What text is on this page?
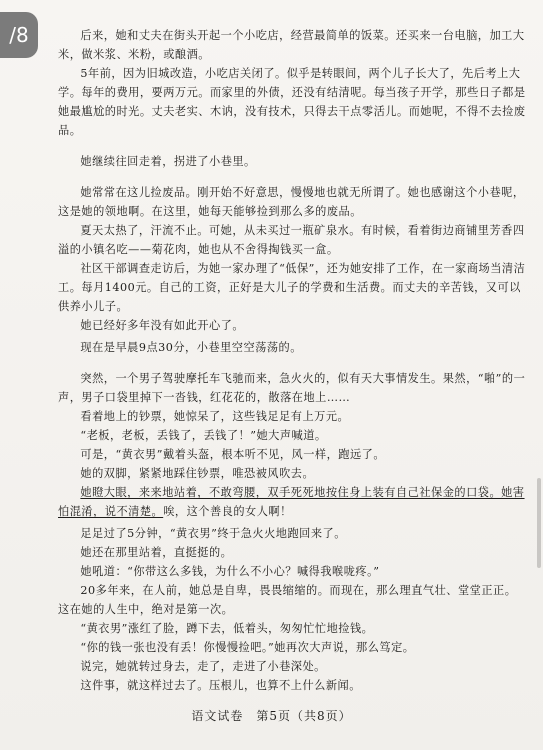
/8	后来，她和丈夫在街头开起一个小吃店，经营最简单的饭菜。还买来一台电脑，加工大米，做米浆、米粉，或酿酒。

5年前，因为旧城改造，小吃店关闭了。似乎是转眼间，两个儿子长大了，先后考上大学。每年的费用，要两万元。而家里的外债，还没有结清呢。每当孩子开学，那些日子都是她最尴尬的时光。丈夫老实、木讷，没有技术，只得去干点零活儿。而她呢，不得不去捡废品。

她继续往回走着，拐进了小巷里。

她常常在这儿捡废品。刚开始不好意思，慢慢地也就无所谓了。她也感谢这个小巷呢，这是她的领地啊。在这里，她每天能够捡到那么多的废品。

夏天太热了，汗流不止。可她，从未买过一瓶矿泉水。有时候，看着街边商铺里芳香四溢的小镇名吃——菊花肉，她也从不舍得掏钱买一盒。

社区干部调查走访后，为她一家办理了“低保”，还为她安排了工作，在一家商场当清洁工。每月1400元。自己的工资，正好是大儿子的学费和生活费。而丈夫的辛苦钱，又可以供养小儿子。

她已经好多年没有如此开心了。

现在是早晨9点30分，小巷里空空荡荡的。

突然，一个男子驾驶摩托车飞驰而来，急火火的，似有天大事情发生。果然，“啪”的一声，男子口袋里掉下一沓钱，红花花的，散落在地上……

看着地上的钞票，她惊呆了，这些钱足足有上万元。

“老板，老板，丢钱了，丢钱了！”她大声喊道。

可是，“黄衣男”戴着头盔，根本听不见，风一样，跑远了。

她的双脚，紧紧地踩住钞票，唯恐被风吹去。

她瞪大眼，来来地站着，不敢弯腰，双手死死地按住身上装有自己社保金的口袋。她害怕混淆，说不清楚。唉，这个善良的女人啊！

足足过了5分钟，“黄衣男”终于急火火地跑回来了。

她还在那里站着，直挺挺的。

她吼道：“你带这么多钱，为什么不小心？喊得我喉咙疼。”

20多年来，在人前，她总是自卑，畏畏缩缩的。而现在，那么理直气壮、堂堂正正。这在她的人生中，绝对是第一次。

“黄衣男”涨红了脸，蹲下去，低着头，匆匆忙忙地捡钱。

“你的钱一张也没有丢！你慢慢捡吧。”她再次大声说，那么笃定。

说完，她就转过身去，走了，走进了小巷深处。

这件事，就这样过去了。压根儿，也算不上什么新闻。

语文试卷　第5页（共8页）
